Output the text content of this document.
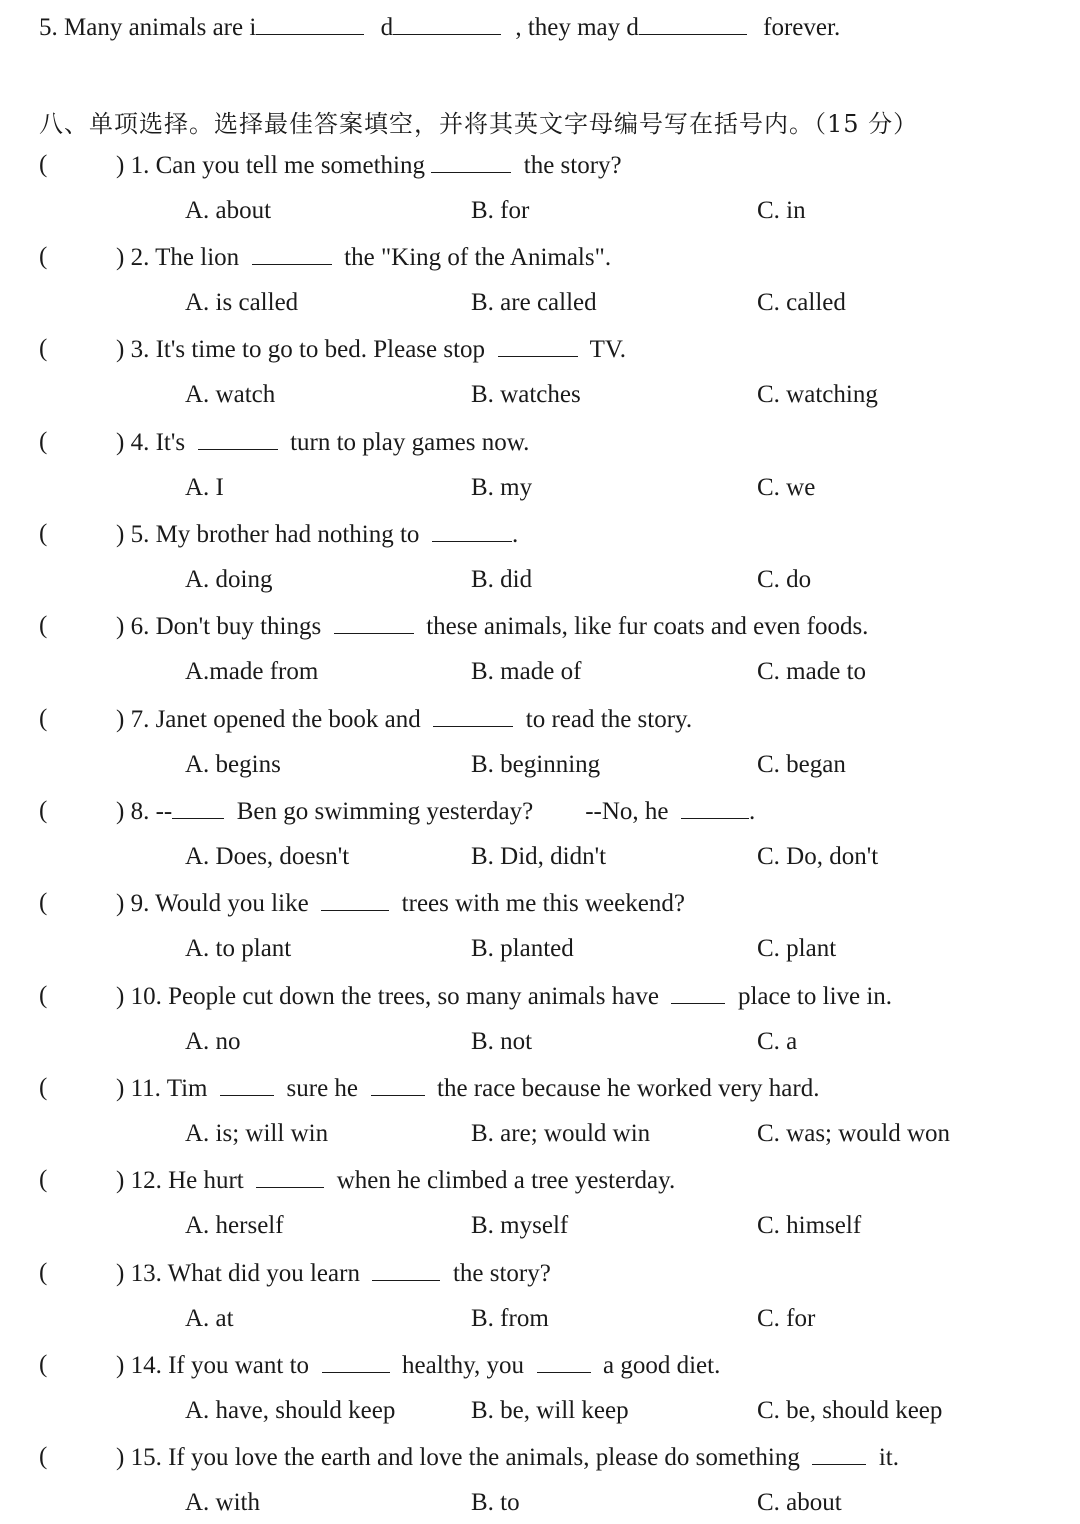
5. Many animals are i	d	, they may d	forever.
八、单项选择。选择最佳答案填空，并将其英文字母编号写在括号内。（15 分）
(	) 1. Can you tell me something	the story?
A. about	B. for	C. in
(	) 2. The lion	the "King of the Animals".
A. is called	B. are called	C. called
(	) 3. It's time to go to bed. Please stop	TV.
A. watch	B. watches	C. watching
(	) 4. It's	turn to play games now.
A. I	B. my	C. we
(	) 5. My brother had nothing to	.
A. doing	B. did	C. do
(	) 6. Don't buy things	these animals, like fur coats and even foods.
A.made from	B. made of	C. made to
(	) 7. Janet opened the book and	to read the story.
A. begins	B. beginning	C. began
(	) 8. --	Ben go swimming yesterday? --No, he	.
A. Does, doesn't	B. Did, didn't	C. Do, don't
(	) 9. Would you like	trees with me this weekend?
A. to plant	B. planted	C. plant
(	) 10. People cut down the trees, so many animals have	place to live in.
A. no	B. not	C. a
(	) 11. Tim	sure he	the race because he worked very hard.
A. is; will win	B. are; would win	C. was; would won
(	) 12. He hurt	when he climbed a tree yesterday.
A. herself	B. myself	C. himself
(	) 13. What did you learn	the story?
A. at	B. from	C. for
(	) 14. If you want to	healthy, you	a good diet.
A. have, should keep	B. be, will keep	C. be, should keep
(	) 15. If you love the earth and love the animals, please do something	it.
A. with	B. to	C. about
